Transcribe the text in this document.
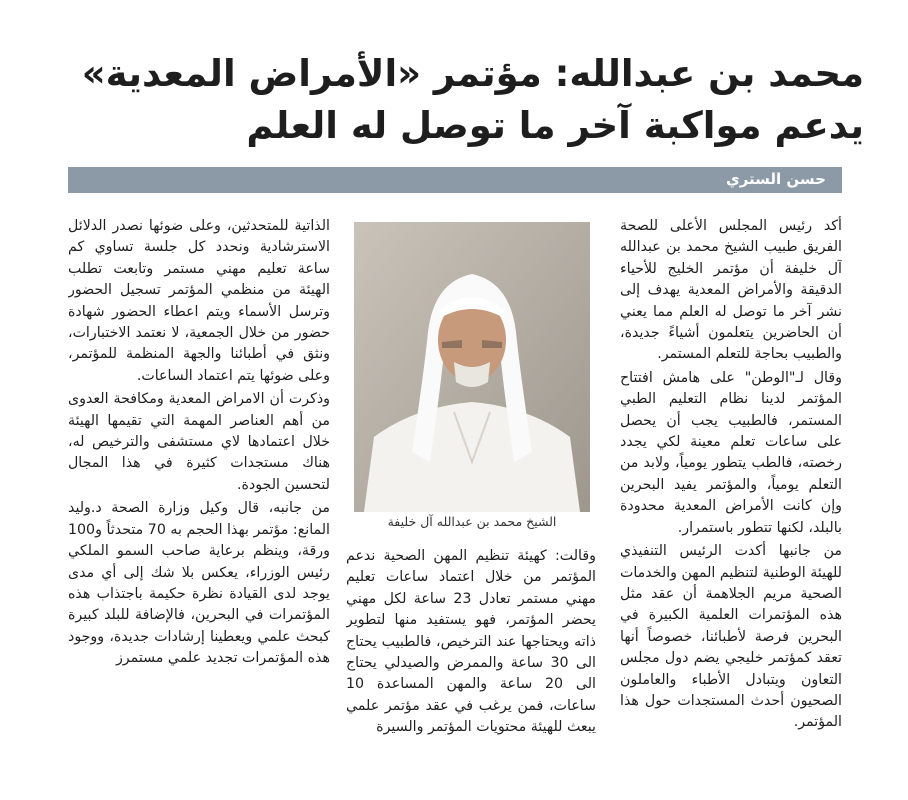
محمد بن عبدالله: مؤتمر «الأمراض المعدية»
يدعم مواكبة آخر ما توصل له العلم
حسن الستري

أكد رئيس المجلس الأعلى للصحة الفريق طبيب الشيخ محمد بن عبدالله آل خليفة أن مؤتمر الخليج للأحياء الدقيقة والأمراض المعدية يهدف إلى نشر آخر ما توصل له العلم مما يعني أن الحاضرين يتعلمون أشياءً جديدة، والطبيب بحاجة للتعلم المستمر.

وقال لـ"الوطن" على هامش افتتاح المؤتمر لدينا نظام التعليم الطبي المستمر، فالطبيب يجب أن يحصل على ساعات تعلم معينة لكي يجدد رخصته، فالطب يتطور يومياً، ولابد من التعلم يومياً، والمؤتمر يفيد البحرين وإن كانت الأمراض المعدية محدودة بالبلد، لكنها تتطور باستمرار.

من جانبها أكدت الرئيس التنفيذي للهيئة الوطنية لتنظيم المهن والخدمات الصحية مريم الجلاهمة أن عقد مثل هذه المؤتمرات العلمية الكبيرة في البحرين فرصة لأطبائنا، خصوصاً أنها تعقد كمؤتمر خليجي يضم دول مجلس التعاون ويتبادل الأطباء والعاملون الصحيون أحدث المستجدات حول هذا المؤتمر.

الشيخ محمد بن عبدالله آل خليفة

وقالت: كهيئة تنظيم المهن الصحية ندعم المؤتمر من خلال اعتماد ساعات تعليم مهني مستمر تعادل 23 ساعة لكل مهني يحضر المؤتمر، فهو يستفيد منها لتطوير ذاته ويحتاجها عند الترخيص، فالطبيب يحتاج الى 30 ساعة والممرض والصيدلي يحتاج الى 20 ساعة والمهن المساعدة 10 ساعات، فمن يرغب في عقد مؤتمر علمي يبعث للهيئة محتويات المؤتمر والسيرة

الذاتية للمتحدثين، وعلى ضوئها نصدر الدلائل الاسترشادية ونحدد كل جلسة تساوي كم ساعة تعليم مهني مستمر وتابعت تطلب الهيئة من منظمي المؤتمر تسجيل الحضور وترسل الأسماء ويتم اعطاء الحضور شهادة حضور من خلال الجمعية، لا نعتمد الاختبارات، ونثق في أطبائنا والجهة المنظمة للمؤتمر، وعلى ضوئها يتم اعتماد الساعات.

وذكرت أن الامراض المعدية ومكافحة العدوى من أهم العناصر المهمة التي تقيمها الهيئة خلال اعتمادها لاي مستشفى والترخيص له، هناك مستجدات كثيرة في هذا المجال لتحسين الجودة.

من جانبه، قال وكيل وزارة الصحة د.وليد المانع: مؤتمر بهذا الحجم به 70 متحدثاً و100 ورقة، وينظم برعاية صاحب السمو الملكي رئيس الوزراء، يعكس بلا شك إلى أي مدى يوجد لدى القيادة نظرة حكيمة باجتذاب هذه المؤتمرات في البحرين، فالإضافة للبلد كبيرة كبحث علمي ويعطينا إرشادات جديدة، ووجود هذه المؤتمرات تجديد علمي مستمرز
